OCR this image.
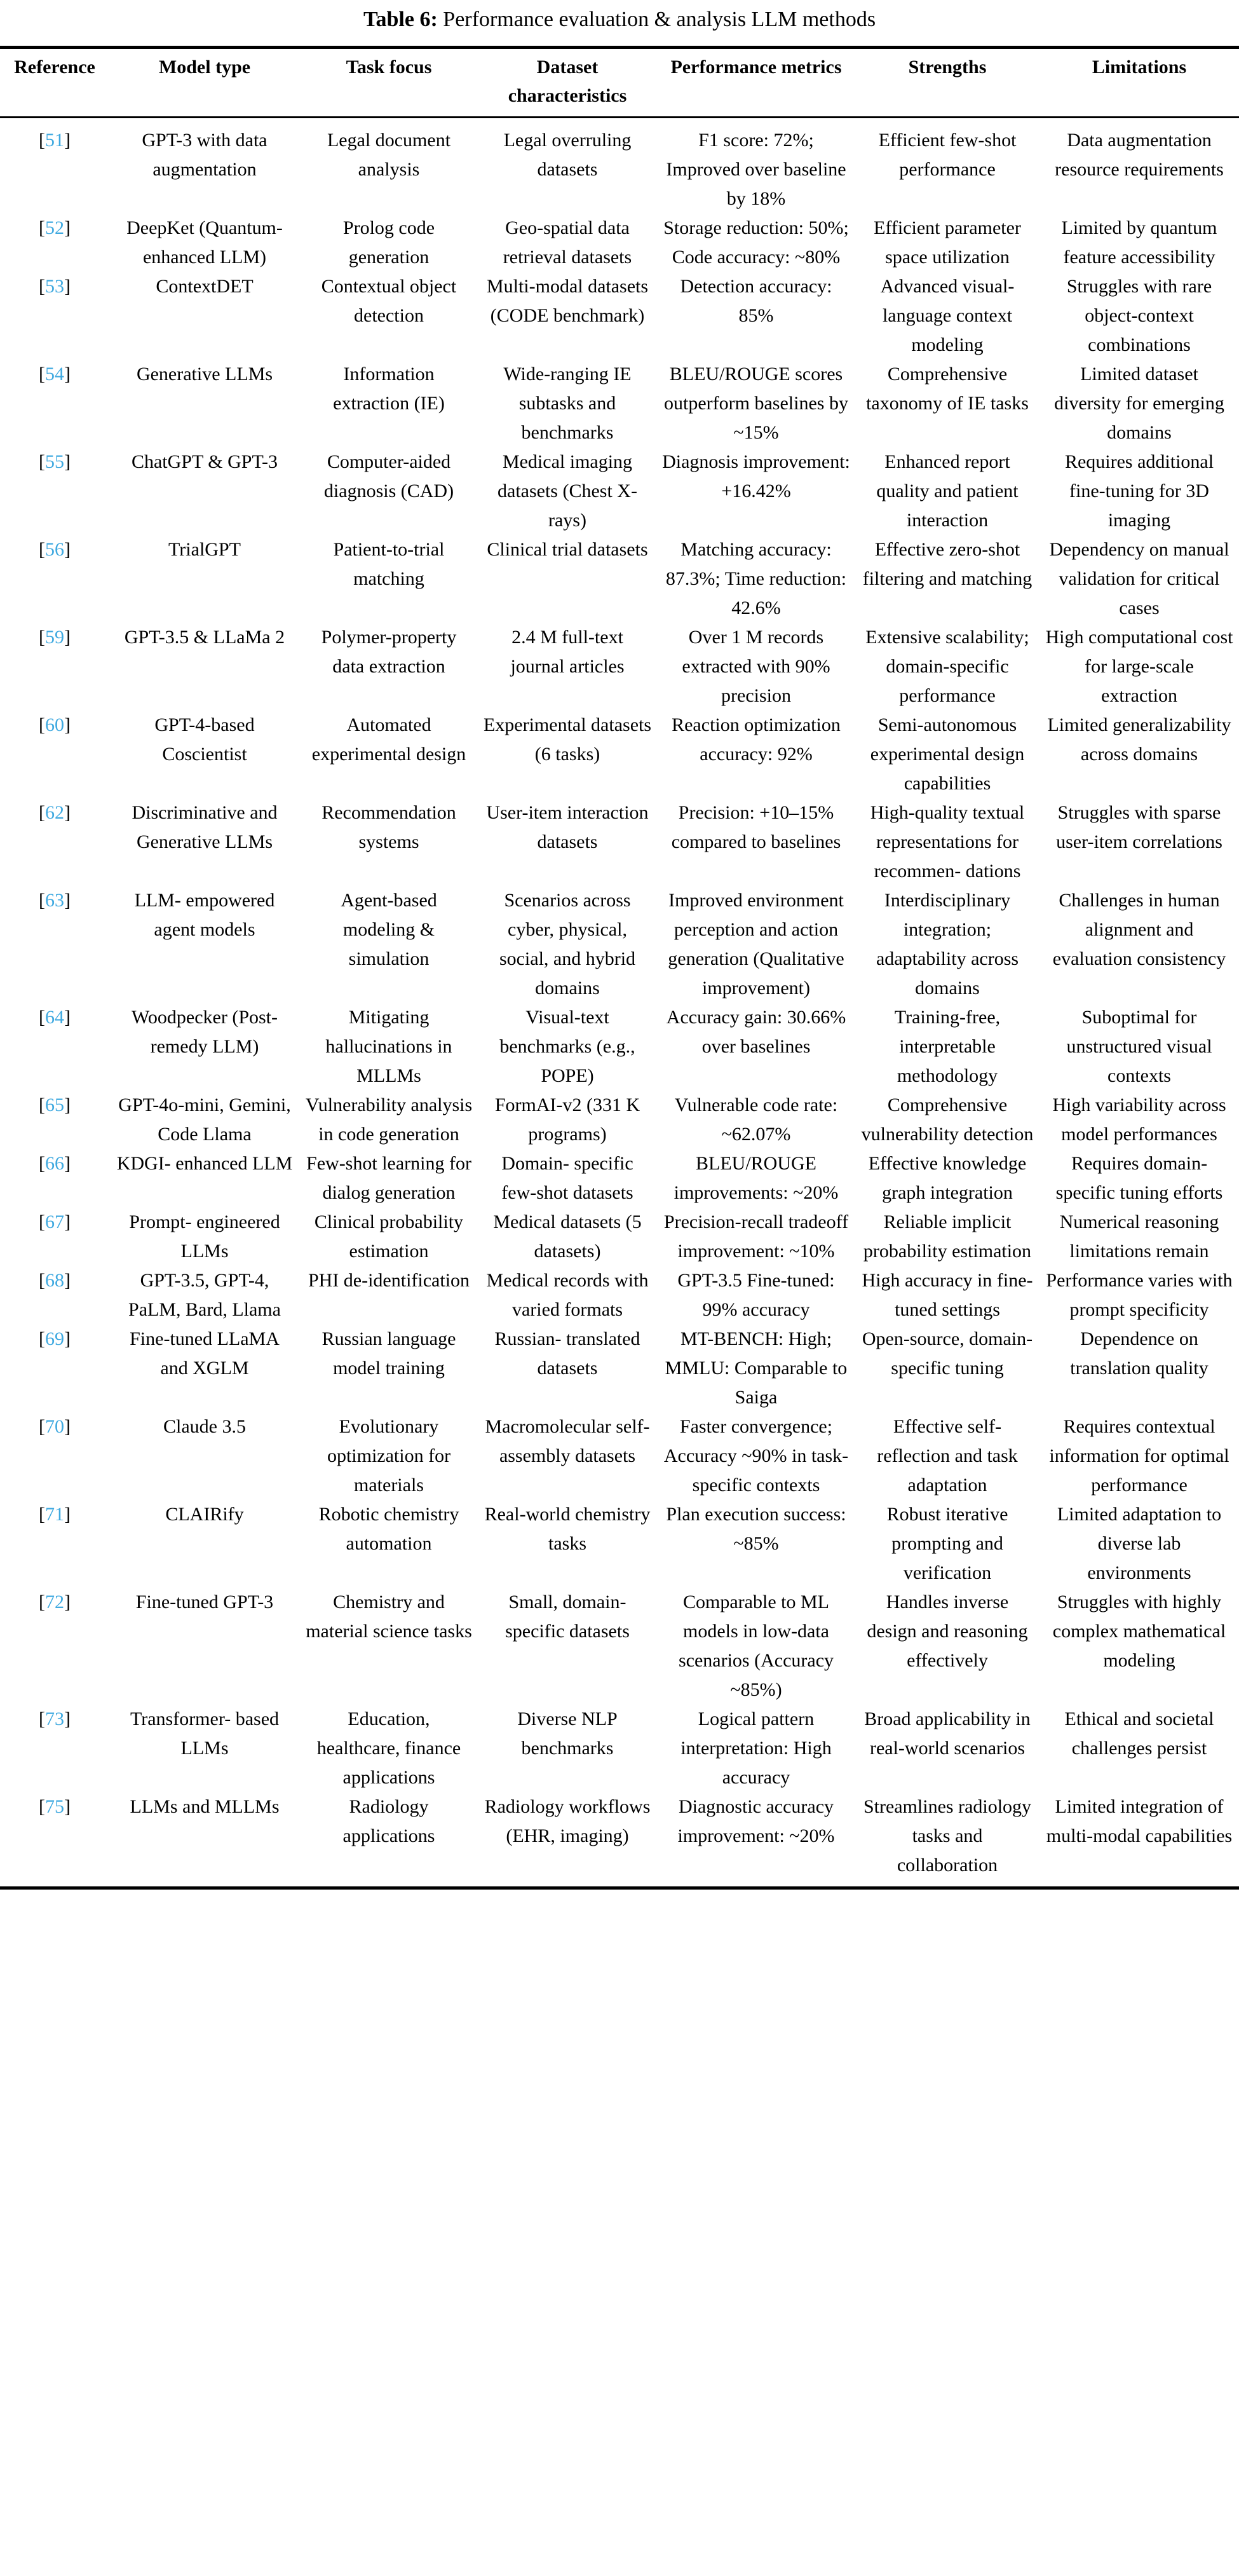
Table 6: Performance evaluation & analysis LLM methods
Reference	Model type	Task focus	Dataset characteristics	Performance metrics	Strengths	Limitations
[51]	GPT-3 with data augmentation	Legal document analysis	Legal overruling datasets	F1 score: 72%; Improved over baseline by 18%	Efficient few-shot performance	Data augmentation resource requirements
[52]	DeepKet (Quantum-enhanced LLM)	Prolog code generation	Geo-spatial data retrieval datasets	Storage reduction: 50%; Code accuracy: ~80%	Efficient parameter space utilization	Limited by quantum feature accessibility
[53]	ContextDET	Contextual object detection	Multi-modal datasets (CODE benchmark)	Detection accuracy: 85%	Advanced visual-language context modeling	Struggles with rare object-context combinations
[54]	Generative LLMs	Information extraction (IE)	Wide-ranging IE subtasks and benchmarks	BLEU/ROUGE scores outperform baselines by ~15%	Comprehensive taxonomy of IE tasks	Limited dataset diversity for emerging domains
[55]	ChatGPT & GPT-3	Computer-aided diagnosis (CAD)	Medical imaging datasets (Chest X-rays)	Diagnosis improvement: +16.42%	Enhanced report quality and patient interaction	Requires additional fine-tuning for 3D imaging
[56]	TrialGPT	Patient-to-trial matching	Clinical trial datasets	Matching accuracy: 87.3%; Time reduction: 42.6%	Effective zero-shot filtering and matching	Dependency on manual validation for critical cases
[59]	GPT-3.5 & LLaMa 2	Polymer-property data extraction	2.4 M full-text journal articles	Over 1 M records extracted with 90% precision	Extensive scalability; domain-specific performance	High computational cost for large-scale extraction
[60]	GPT-4-based Coscientist	Automated experimental design	Experimental datasets (6 tasks)	Reaction optimization accuracy: 92%	Semi-autonomous experimental design capabilities	Limited generalizability across domains
[62]	Discriminative and Generative LLMs	Recommendation systems	User-item interaction datasets	Precision: +10–15% compared to baselines	High-quality textual representations for recommen- dations	Struggles with sparse user-item correlations
[63]	LLM- empowered agent models	Agent-based modeling & simulation	Scenarios across cyber, physical, social, and hybrid domains	Improved environment perception and action generation (Qualitative improvement)	Interdisciplinary integration; adaptability across domains	Challenges in human alignment and evaluation consistency
[64]	Woodpecker (Post-remedy LLM)	Mitigating hallucinations in MLLMs	Visual-text benchmarks (e.g., POPE)	Accuracy gain: 30.66% over baselines	Training-free, interpretable methodology	Suboptimal for unstructured visual contexts
[65]	GPT-4o-mini, Gemini, Code Llama	Vulnerability analysis in code generation	FormAI-v2 (331 K programs)	Vulnerable code rate: ~62.07%	Comprehensive vulnerability detection	High variability across model performances
[66]	KDGI- enhanced LLM	Few-shot learning for dialog generation	Domain- specific few-shot datasets	BLEU/ROUGE improvements: ~20%	Effective knowledge graph integration	Requires domain-specific tuning efforts
[67]	Prompt- engineered LLMs	Clinical probability estimation	Medical datasets (5 datasets)	Precision-recall tradeoff improvement: ~10%	Reliable implicit probability estimation	Numerical reasoning limitations remain
[68]	GPT-3.5, GPT-4, PaLM, Bard, Llama	PHI de-identification	Medical records with varied formats	GPT-3.5 Fine-tuned: 99% accuracy	High accuracy in fine-tuned settings	Performance varies with prompt specificity
[69]	Fine-tuned LLaMA and XGLM	Russian language model training	Russian- translated datasets	MT-BENCH: High; MMLU: Comparable to Saiga	Open-source, domain- specific tuning	Dependence on translation quality
[70]	Claude 3.5	Evolutionary optimization for materials	Macromolecular self-assembly datasets	Faster convergence; Accuracy ~90% in task-specific contexts	Effective self-reflection and task adaptation	Requires contextual information for optimal performance
[71]	CLAIRify	Robotic chemistry automation	Real-world chemistry tasks	Plan execution success: ~85%	Robust iterative prompting and verification	Limited adaptation to diverse lab environments
[72]	Fine-tuned GPT-3	Chemistry and material science tasks	Small, domain- specific datasets	Comparable to ML models in low-data scenarios (Accuracy ~85%)	Handles inverse design and reasoning effectively	Struggles with highly complex mathematical modeling
[73]	Transformer- based LLMs	Education, healthcare, finance applications	Diverse NLP benchmarks	Logical pattern interpretation: High accuracy	Broad applicability in real-world scenarios	Ethical and societal challenges persist
[75]	LLMs and MLLMs	Radiology applications	Radiology workflows (EHR, imaging)	Diagnostic accuracy improvement: ~20%	Streamlines radiology tasks and collaboration	Limited integration of multi-modal capabilities
